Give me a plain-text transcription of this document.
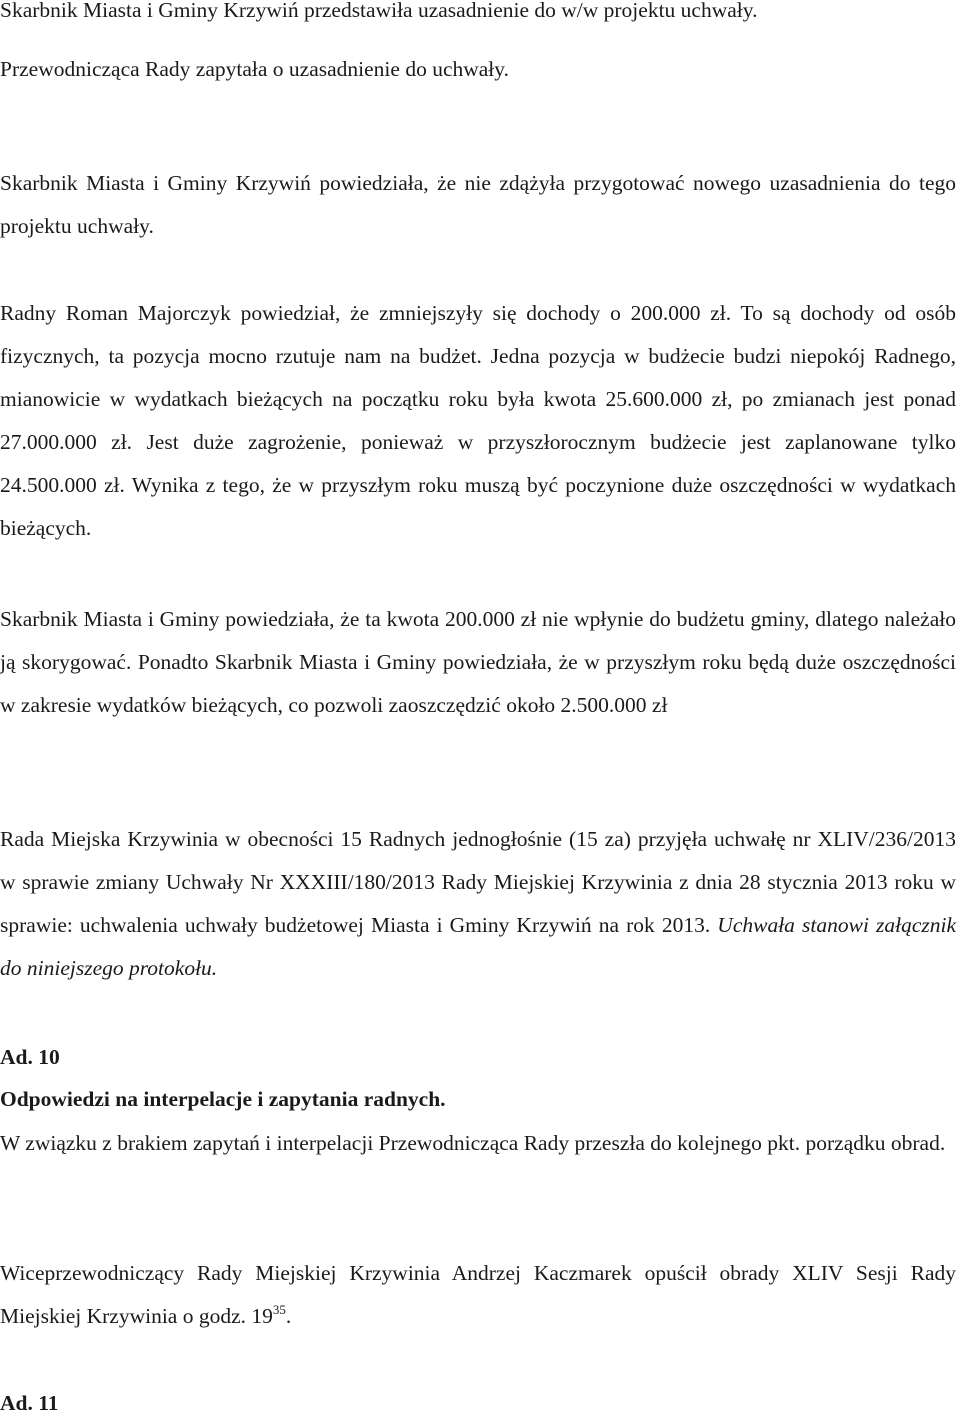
Skarbnik Miasta i Gminy Krzywiń przedstawiła uzasadnienie do w/w projektu uchwały.

Przewodnicząca Rady zapytała o uzasadnienie do uchwały.

Skarbnik Miasta i Gminy Krzywiń powiedziała, że nie zdążyła przygotować nowego uzasadnienia do tego projektu uchwały.

Radny Roman Majorczyk powiedział, że zmniejszyły się dochody o 200.000 zł. To są dochody od osób fizycznych, ta pozycja mocno rzutuje nam na budżet. Jedna pozycja w budżecie budzi niepokój Radnego, mianowicie w wydatkach bieżących na początku roku była kwota 25.600.000 zł, po zmianach jest ponad 27.000.000 zł. Jest duże zagrożenie, ponieważ w przyszłorocznym budżecie jest zaplanowane tylko 24.500.000 zł. Wynika z tego, że w przyszłym roku muszą być poczynione duże oszczędności w wydatkach bieżących.

Skarbnik Miasta i Gminy powiedziała, że ta kwota 200.000 zł nie wpłynie do budżetu gminy, dlatego należało ją skorygować. Ponadto Skarbnik Miasta i Gminy powiedziała, że w przyszłym roku będą duże oszczędności w zakresie wydatków bieżących, co pozwoli zaoszczędzić około 2.500.000 zł

Rada Miejska Krzywinia w obecności 15 Radnych jednogłośnie (15 za) przyjęła uchwałę nr XLIV/236/2013 w sprawie zmiany Uchwały Nr XXXIII/180/2013 Rady Miejskiej Krzywinia z dnia 28 stycznia 2013 roku w sprawie: uchwalenia uchwały budżetowej Miasta i Gminy Krzywiń na rok 2013. Uchwała stanowi załącznik do niniejszego protokołu.

Ad. 10

Odpowiedzi na interpelacje i zapytania radnych.

W związku z brakiem zapytań i interpelacji Przewodnicząca Rady przeszła do kolejnego pkt. porządku obrad.

Wiceprzewodniczący Rady Miejskiej Krzywinia Andrzej Kaczmarek opuścił obrady XLIV Sesji Rady Miejskiej Krzywinia o godz. $19^{35}$.

Ad. 11
